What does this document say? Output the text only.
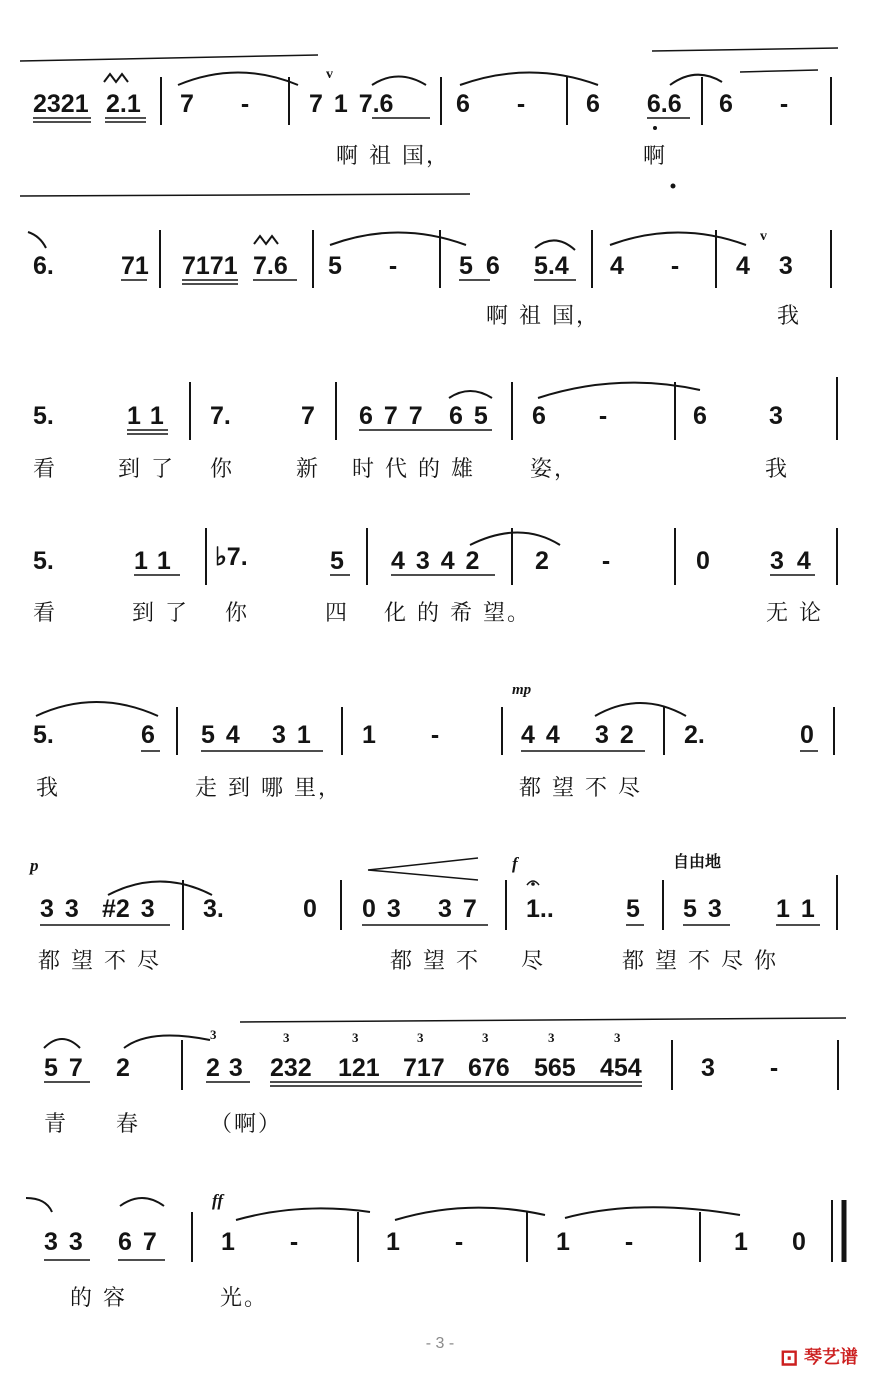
2321 2.1 7 - 7 1 7.6	6 - 6 6.6 6 -
啊 祖 国，	啊
6.	71 7171 7.6 5 - 5 6 5.4 4 - 4 3
啊 祖 国，	我
5.	1 1 7.	7 6 7 7 6 5 6 -	6 3
看	到 了 你	新 时 代 的 雄	姿，	我
5.	1 1 ♭7.	5 4 3 4 2 2 -	0 3 4
看	到 了 你	四 化 的 希 望。	无 论
mp
5.	6 5 4 3 1 1 -	4 4 3 2 2.	0
我	走 到 哪 里，	都 望 不 尽
p	f	自由地
3 3 #2 3 3.	0 0 3 3 7 1..	5 5 3 1 1
都 望 不 尽	都 望 不 尽	都 望 不 尽 你
5 7 2	2 3 232 121 717 676 565 454 3 -
青 春	（啊）
ff
3 3 6 7	1 -	1 -	1 -	1 0
的 容	光。
3	3	3	3	3	3	3
v
v
- 3 -
⊡ 琴艺谱
